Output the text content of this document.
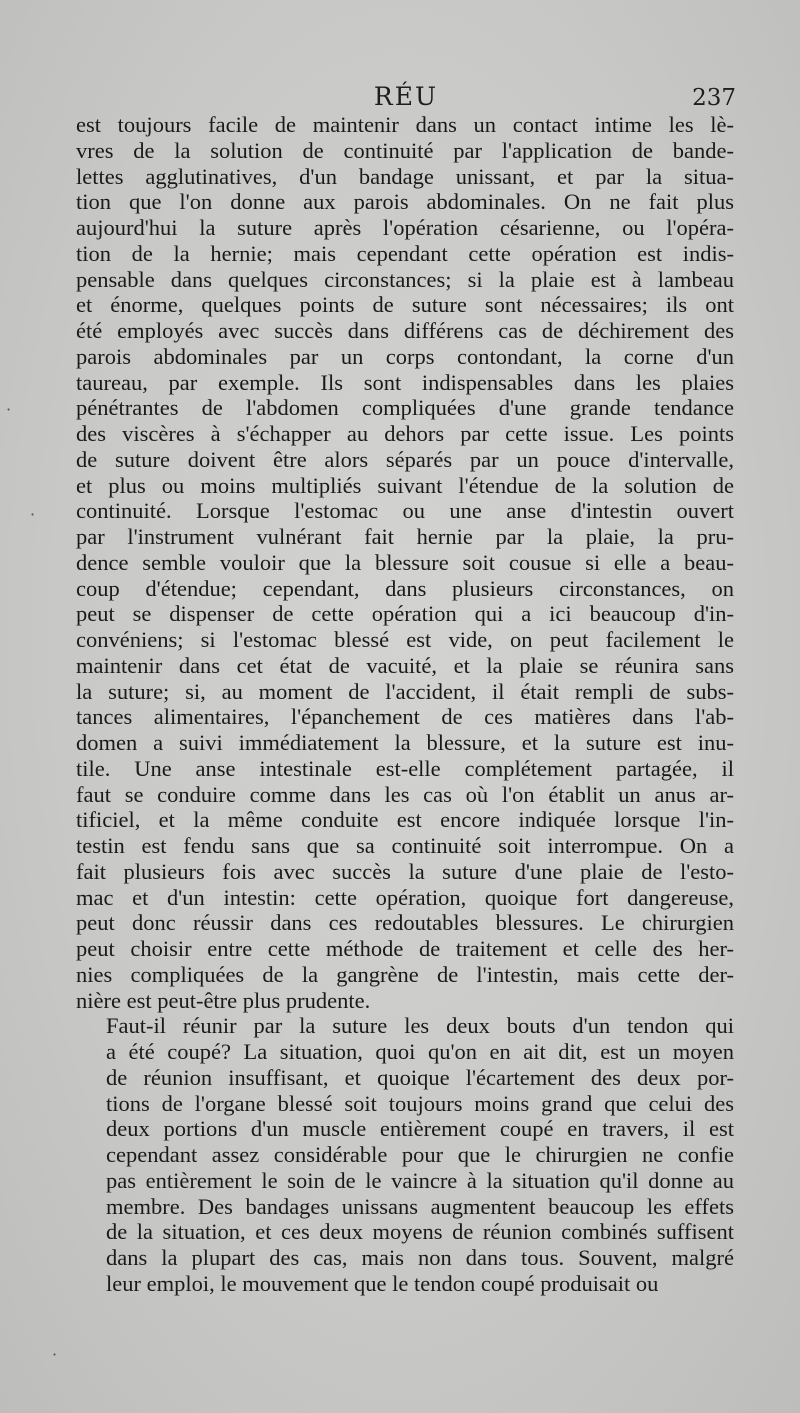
RÉU	237

est toujours facile de maintenir dans un contact intime les lè-
vres de la solution de continuité par l'application de bande-
lettes agglutinatives, d'un bandage unissant, et par la situa-
tion que l'on donne aux parois abdominales. On ne fait plus
aujourd'hui la suture après l'opération césarienne, ou l'opéra-
tion de la hernie; mais cependant cette opération est indis-
pensable dans quelques circonstances; si la plaie est à lambeau
et énorme, quelques points de suture sont nécessaires; ils ont
été employés avec succès dans différens cas de déchirement des
parois abdominales par un corps contondant, la corne d'un
taureau, par exemple. Ils sont indispensables dans les plaies
pénétrantes de l'abdomen compliquées d'une grande tendance
des viscères à s'échapper au dehors par cette issue. Les points
de suture doivent être alors séparés par un pouce d'intervalle,
et plus ou moins multipliés suivant l'étendue de la solution de
continuité. Lorsque l'estomac ou une anse d'intestin ouvert
par l'instrument vulnérant fait hernie par la plaie, la pru-
dence semble vouloir que la blessure soit cousue si elle a beau-
coup d'étendue; cependant, dans plusieurs circonstances, on
peut se dispenser de cette opération qui a ici beaucoup d'in-
convéniens; si l'estomac blessé est vide, on peut facilement le
maintenir dans cet état de vacuité, et la plaie se réunira sans
la suture; si, au moment de l'accident, il était rempli de subs-
tances alimentaires, l'épanchement de ces matières dans l'ab-
domen a suivi immédiatement la blessure, et la suture est inu-
tile. Une anse intestinale est-elle complétement partagée, il
faut se conduire comme dans les cas où l'on établit un anus ar-
tificiel, et la même conduite est encore indiquée lorsque l'in-
testin est fendu sans que sa continuité soit interrompue. On a
fait plusieurs fois avec succès la suture d'une plaie de l'esto-
mac et d'un intestin: cette opération, quoique fort dangereuse,
peut donc réussir dans ces redoutables blessures. Le chirurgien
peut choisir entre cette méthode de traitement et celle des her-
nies compliquées de la gangrène de l'intestin, mais cette der-
nière est peut-être plus prudente.

Faut-il réunir par la suture les deux bouts d'un tendon qui
a été coupé? La situation, quoi qu'on en ait dit, est un moyen
de réunion insuffisant, et quoique l'écartement des deux por-
tions de l'organe blessé soit toujours moins grand que celui des
deux portions d'un muscle entièrement coupé en travers, il est
cependant assez considérable pour que le chirurgien ne confie
pas entièrement le soin de le vaincre à la situation qu'il donne au
membre. Des bandages unissans augmentent beaucoup les effets
de la situation, et ces deux moyens de réunion combinés suffisent
dans la plupart des cas, mais non dans tous. Souvent, malgré
leur emploi, le mouvement que le tendon coupé produisait ou

·
·
·
